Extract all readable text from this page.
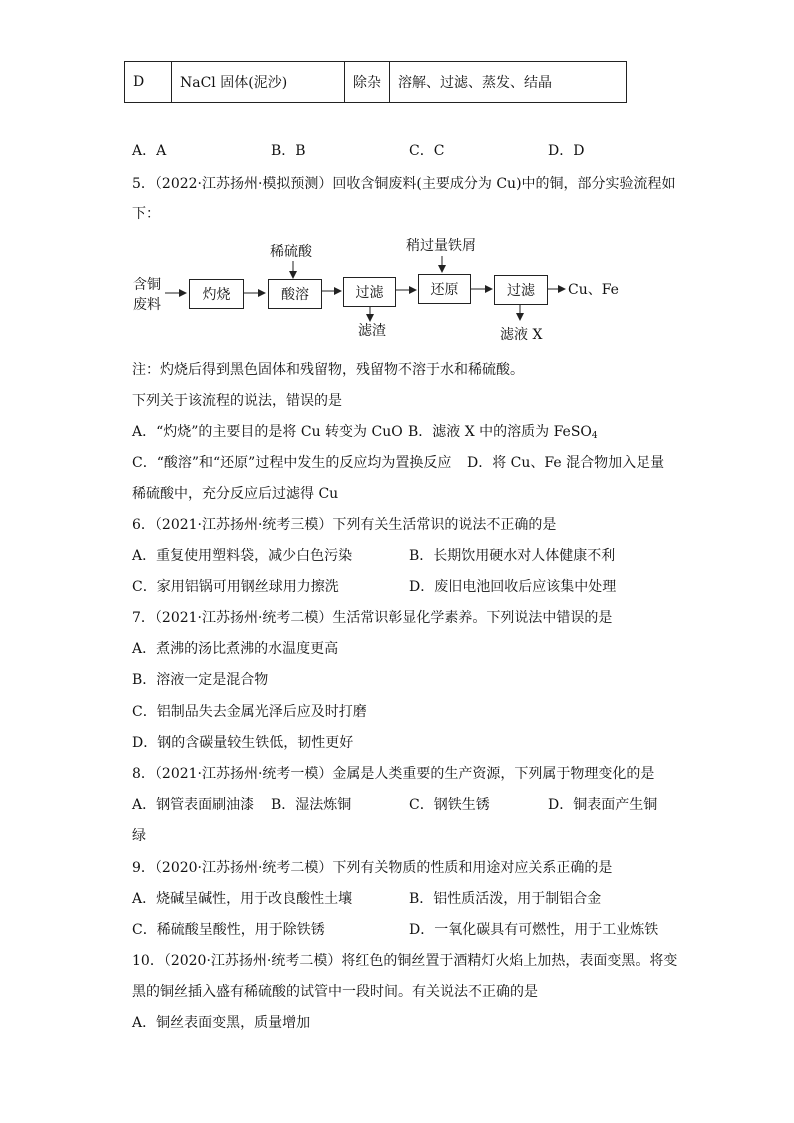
D	NaCl 固体(泥沙)	除杂	溶解、过滤、蒸发、结晶
A．A	B．B	C．C	D．D
5．（2022·江苏扬州·模拟预测）回收含铜废料(主要成分为 Cu)中的铜，部分实验流程如
下：
含铜
废料
灼烧	酸溶	过滤	还原	过滤
稀硫酸	稍过量铁屑
滤渣	滤液 X
Cu、Fe
注：灼烧后得到黑色固体和残留物，残留物不溶于水和稀硫酸。
下列关于该流程的说法，错误的是
A．“灼烧”的主要目的是将 Cu 转变为 CuO B．滤液 X 中的溶质为 FeSO$_4$
C．“酸溶”和“还原”过程中发生的反应均为置换反应 D．将 Cu、Fe 混合物加入足量
稀硫酸中，充分反应后过滤得 Cu
6．（2021·江苏扬州·统考三模）下列有关生活常识的说法不正确的是
A．重复使用塑料袋，减少白色污染	B．长期饮用硬水对人体健康不利
C．家用铝锅可用钢丝球用力擦洗	D．废旧电池回收后应该集中处理
7．（2021·江苏扬州·统考二模）生活常识彰显化学素养。下列说法中错误的是
A．煮沸的汤比煮沸的水温度更高
B．溶液一定是混合物
C．铝制品失去金属光泽后应及时打磨
D．钢的含碳量较生铁低，韧性更好
8．（2021·江苏扬州·统考一模）金属是人类重要的生产资源，下列属于物理变化的是
A．钢管表面刷油漆 B．湿法炼铜	C．钢铁生锈	D．铜表面产生铜
绿
9．（2020·江苏扬州·统考二模）下列有关物质的性质和用途对应关系正确的是
A．烧碱呈碱性，用于改良酸性土壤	B．铝性质活泼，用于制铝合金
C．稀硫酸呈酸性，用于除铁锈	D．一氧化碳具有可燃性，用于工业炼铁
10．（2020·江苏扬州·统考二模）将红色的铜丝置于酒精灯火焰上加热，表面变黑。将变
黑的铜丝插入盛有稀硫酸的试管中一段时间。有关说法不正确的是
A．铜丝表面变黑，质量增加
